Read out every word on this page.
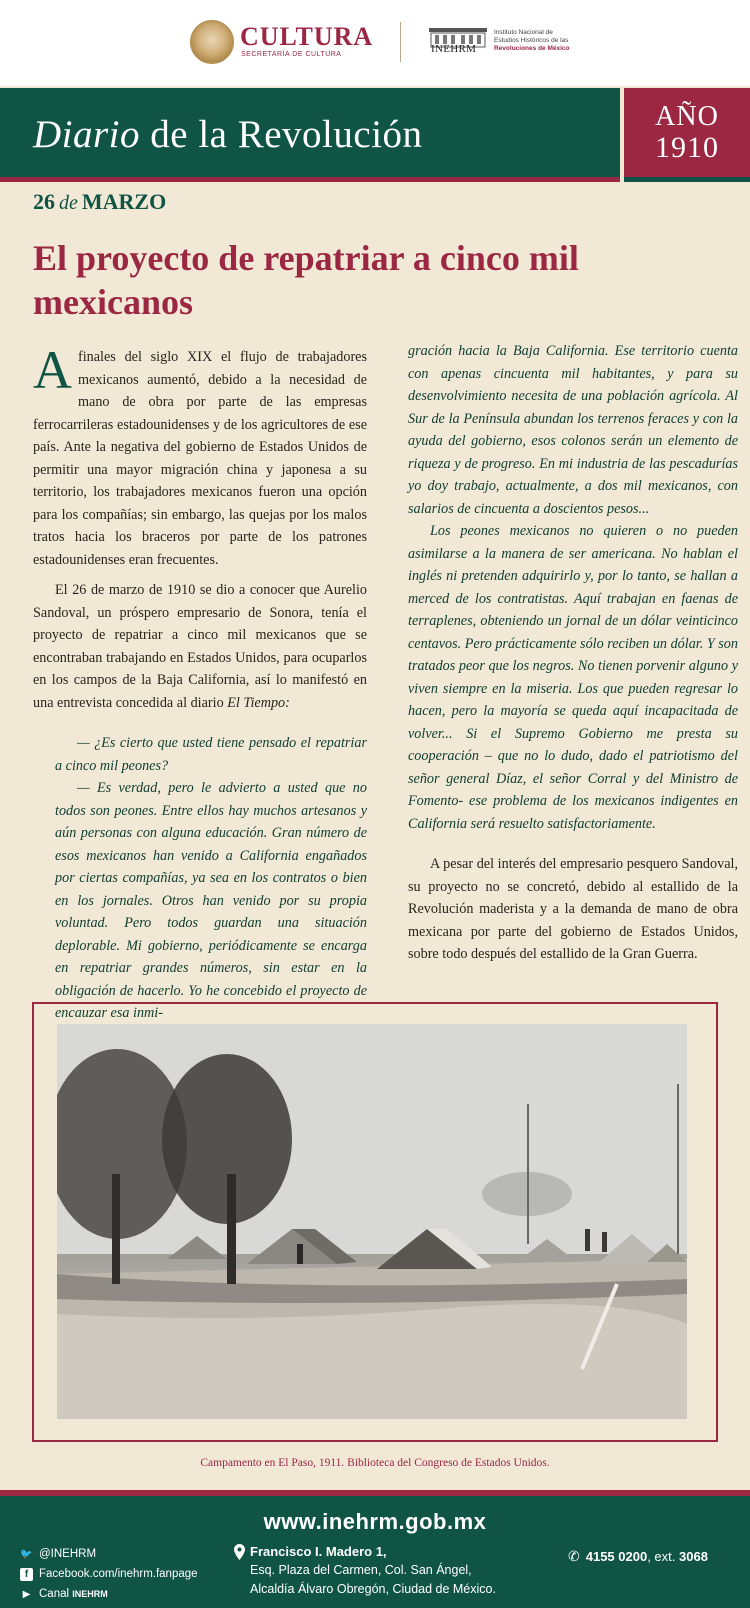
CULTURA
SECRETARÍA DE CULTURA	INEHRM
Instituto Nacional de
Estudios Históricos de las
Revoluciones de México
Diario de la Revolución	AÑO
1910
26 de MARZO
El proyecto de repatriar a cinco mil mexicanos

Afinales del siglo XIX el flujo de trabajadores mexicanos aumentó, debido a la necesidad de mano de obra por parte de las empresas ferrocarrileras estadounidenses y de los agricultores de ese país. Ante la negativa del gobierno de Estados Unidos de permitir una mayor migración china y japonesa a su territorio, los trabajadores mexicanos fueron una opción para los compañías; sin embargo, las quejas por los malos tratos hacia los braceros por parte de los patrones estadounidenses eran frecuentes.

El 26 de marzo de 1910 se dio a conocer que Aurelio Sandoval, un próspero empresario de Sonora, tenía el proyecto de repatriar a cinco mil mexicanos que se encontraban trabajando en Estados Unidos, para ocuparlos en los campos de la Baja California, así lo manifestó en una entrevista concedida al diario El Tiempo:

— ¿Es cierto que usted tiene pensado el repatriar a cinco mil peones?

— Es verdad, pero le advierto a usted que no todos son peones. Entre ellos hay muchos artesanos y aún personas con alguna educación. Gran número de esos mexicanos han venido a California engañados por ciertas compañías, ya sea en los contratos o bien en los jornales. Otros han venido por su propia voluntad. Pero todos guardan una situación deplorable. Mi gobierno, periódicamente se encarga en repatriar grandes números, sin estar en la obligación de hacerlo. Yo he concebido el proyecto de encauzar esa inmi-

gración hacia la Baja California. Ese territorio cuenta con apenas cincuenta mil habitantes, y para su desenvolvimiento necesita de una población agrícola. Al Sur de la Península abundan los terrenos feraces y con la ayuda del gobierno, esos colonos serán un elemento de riqueza y de progreso. En mi industria de las pescadurías yo doy trabajo, actualmente, a dos mil mexicanos, con salarios de cincuenta a doscientos pesos...

Los peones mexicanos no quieren o no pueden asimilarse a la manera de ser americana. No hablan el inglés ni pretenden adquirirlo y, por lo tanto, se hallan a merced de los contratistas. Aquí trabajan en faenas de terraplenes, obteniendo un jornal de un dólar veinticinco centavos. Pero prácticamente sólo reciben un dólar. Y son tratados peor que los negros. No tienen porvenir alguno y viven siempre en la miseria. Los que pueden regresar lo hacen, pero la mayoría se queda aquí incapacitada de volver... Si el Supremo Gobierno me presta su cooperación – que no lo dudo, dado el patriotismo del señor general Díaz, el señor Corral y del Ministro de Fomento- ese problema de los mexicanos indigentes en California será resuelto satisfactoriamente.

A pesar del interés del empresario pesquero Sandoval, su proyecto no se concretó, debido al estallido de la Revolución maderista y a la demanda de mano de obra mexicana por parte del gobierno de Estados Unidos, sobre todo después del estallido de la Gran Guerra.

Campamento en El Paso, 1911. Biblioteca del Congreso de Estados Unidos.
www.inehrm.gob.mx
🐦 @INEHRM
f Facebook.com/inehrm.fanpage
▶ Canal
INEHRM
Francisco I. Madero 1,
Esq. Plaza del Carmen, Col. San Ángel,
Alcaldía Álvaro Obregón, Ciudad de México.
✆ 4155 0200, ext. 3068
